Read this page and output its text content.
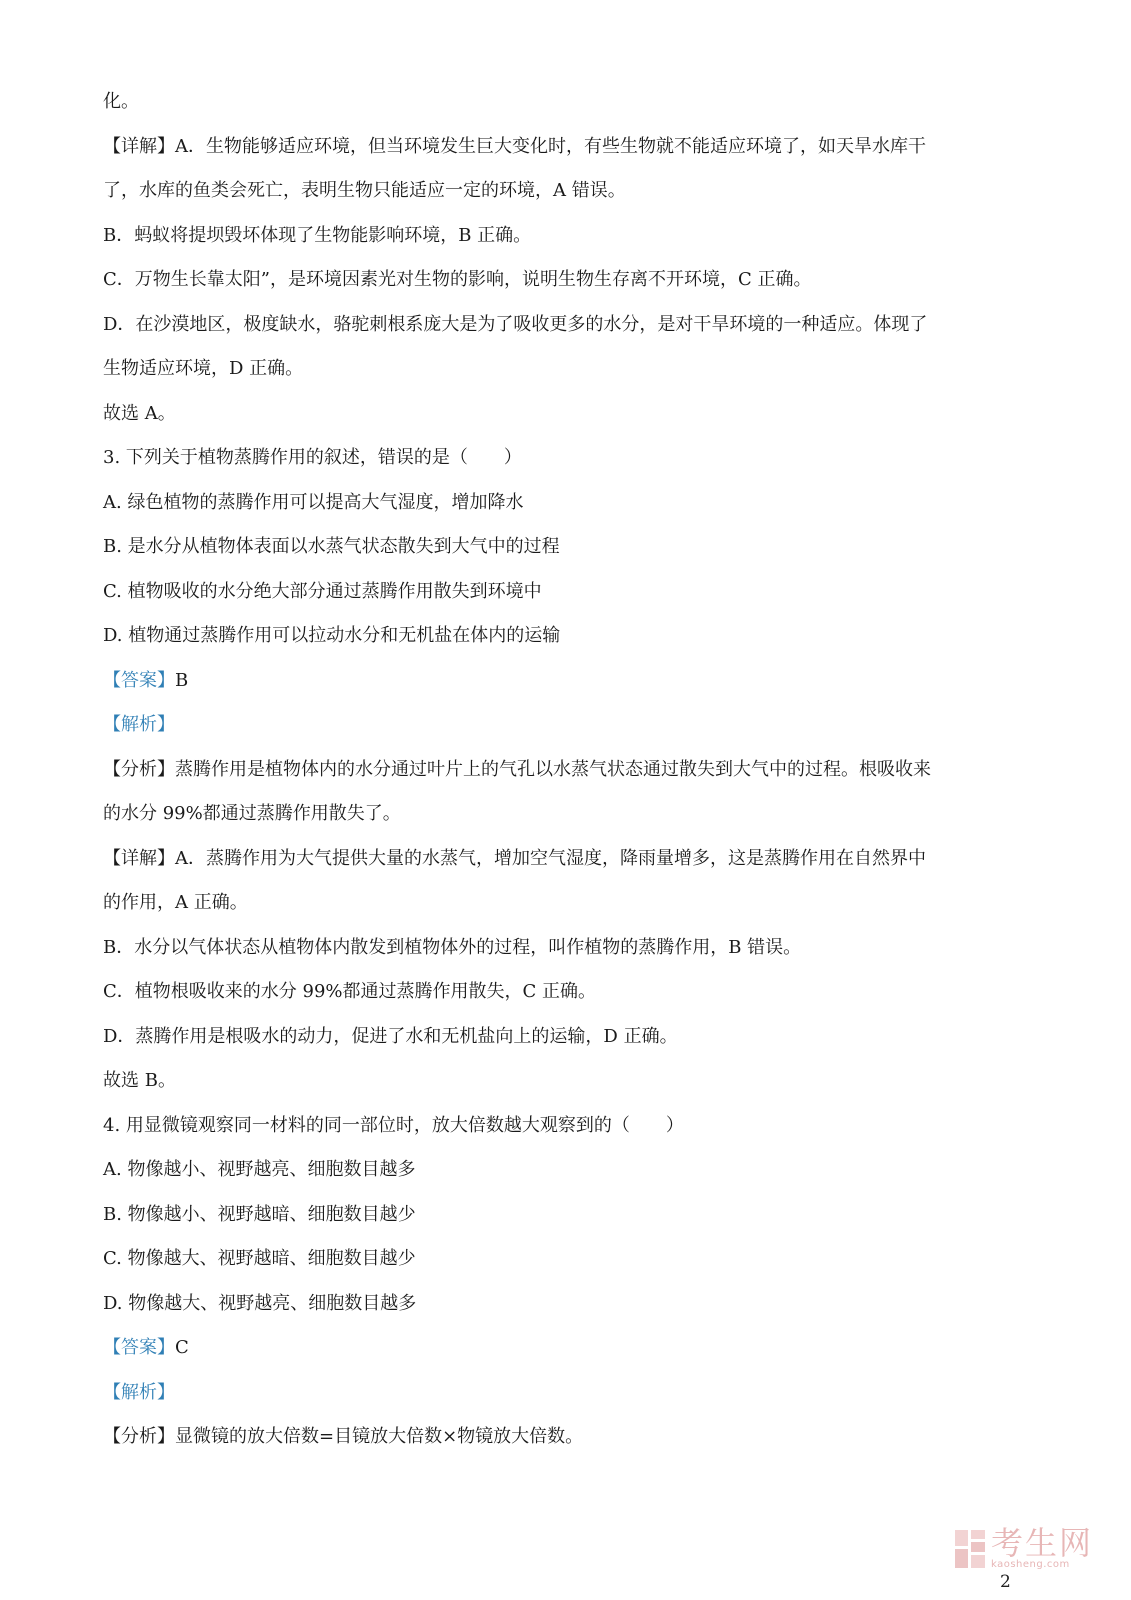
化。
【详解】A．生物能够适应环境，但当环境发生巨大变化时，有些生物就不能适应环境了，如天旱水库干
了，水库的鱼类会死亡，表明生物只能适应一定的环境，A 错误。
B．蚂蚁将提坝毁坏体现了生物能影响环境，B 正确。
C．万物生长靠太阳”，是环境因素光对生物的影响，说明生物生存离不开环境，C 正确。
D．在沙漠地区，极度缺水，骆驼刺根系庞大是为了吸收更多的水分，是对干旱环境的一种适应。体现了
生物适应环境，D 正确。
故选 A。
3. 下列关于植物蒸腾作用的叙述，错误的是（　　）
A. 绿色植物的蒸腾作用可以提高大气湿度，增加降水
B. 是水分从植物体表面以水蒸气状态散失到大气中的过程
C. 植物吸收的水分绝大部分通过蒸腾作用散失到环境中
D. 植物通过蒸腾作用可以拉动水分和无机盐在体内的运输
【答案】B
【解析】
【分析】蒸腾作用是植物体内的水分通过叶片上的气孔以水蒸气状态通过散失到大气中的过程。根吸收来
的水分 99%都通过蒸腾作用散失了。
【详解】A．蒸腾作用为大气提供大量的水蒸气，增加空气湿度，降雨量增多，这是蒸腾作用在自然界中
的作用，A 正确。
B．水分以气体状态从植物体内散发到植物体外的过程，叫作植物的蒸腾作用，B 错误。
C．植物根吸收来的水分 99%都通过蒸腾作用散失，C 正确。
D．蒸腾作用是根吸水的动力，促进了水和无机盐向上的运输，D 正确。
故选 B。
4. 用显微镜观察同一材料的同一部位时，放大倍数越大观察到的（　　）
A. 物像越小、视野越亮、细胞数目越多
B. 物像越小、视野越暗、细胞数目越少
C. 物像越大、视野越暗、细胞数目越少
D. 物像越大、视野越亮、细胞数目越多
【答案】C
【解析】
【分析】显微镜的放大倍数=目镜放大倍数×物镜放大倍数。
考生网
kaosheng.com
2
